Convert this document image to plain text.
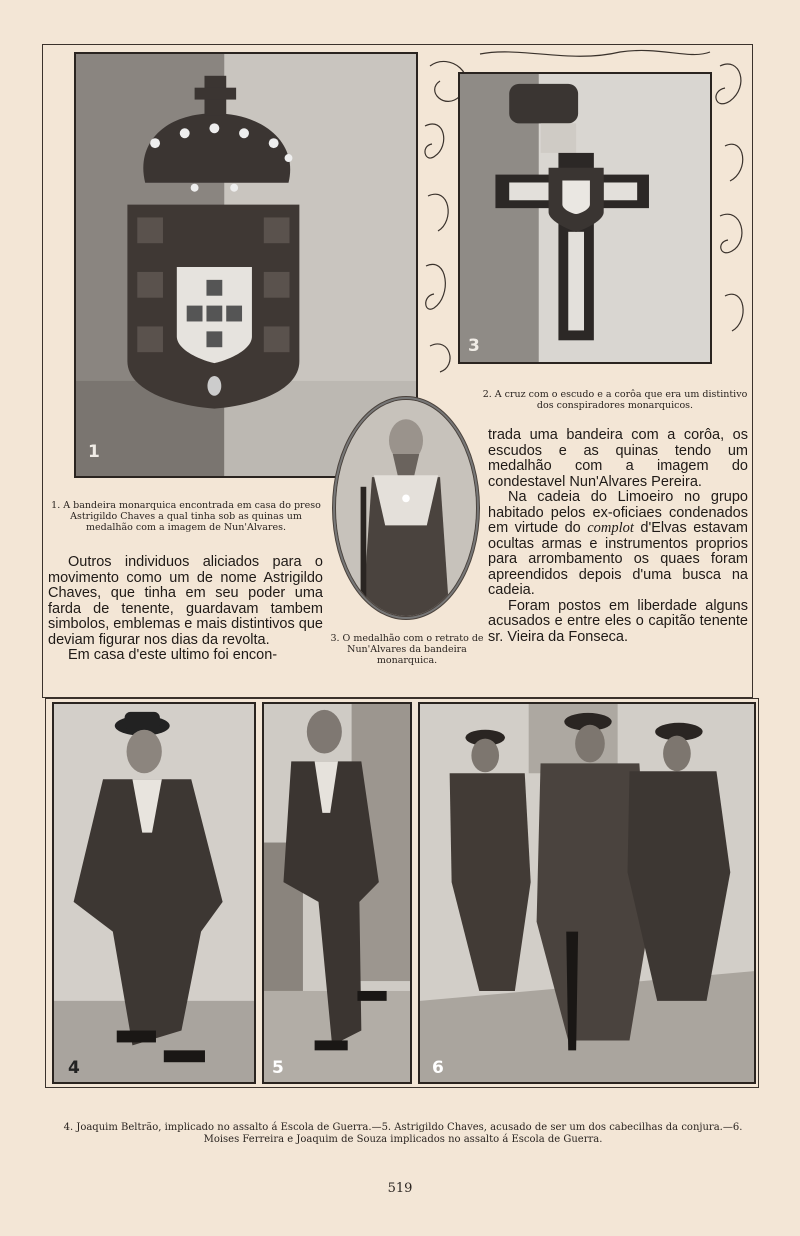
1
3
2. A cruz com o escudo e a corôa que era um distintivo dos conspiradores monarquicos.
3. O medalhão com o retrato de Nun'Alvares da bandeira monarquica.
1. A bandeira monarquica encontrada em casa do preso Astrigildo Chaves a qual tinha sob as quinas um medalhão com a imagem de Nun'Alvares.

Outros individuos aliciados para o movimento como um de nome Astrigildo Chaves, que tinha em seu poder uma farda de tenente, guardavam tambem simbolos, emblemas e mais distintivos que deviam figurar nos dias da revolta.

Em casa d'este ultimo foi encon-

trada uma bandeira com a corôa, os escudos e as quinas tendo um medalhão com a imagem do condestavel Nun'Alvares Pereira.

Na cadeia do Limoeiro no grupo habitado pelos ex-oficiaes condenados em virtude do complot d'Elvas estavam ocultas armas e instrumentos proprios para arrombamento os quaes foram apreendidos depois d'uma busca na cadeia.

Foram postos em liberdade alguns acusados e entre eles o capitão tenente sr. Vieira da Fonseca.

4	5	6
4. Joaquim Beltrão, implicado no assalto á Escola de Guerra.—5. Astrigildo Chaves, acusado de ser um dos cabecilhas da conjura.—6. Moises Ferreira e Joaquim de Souza implicados no assalto á Escola de Guerra.
519
